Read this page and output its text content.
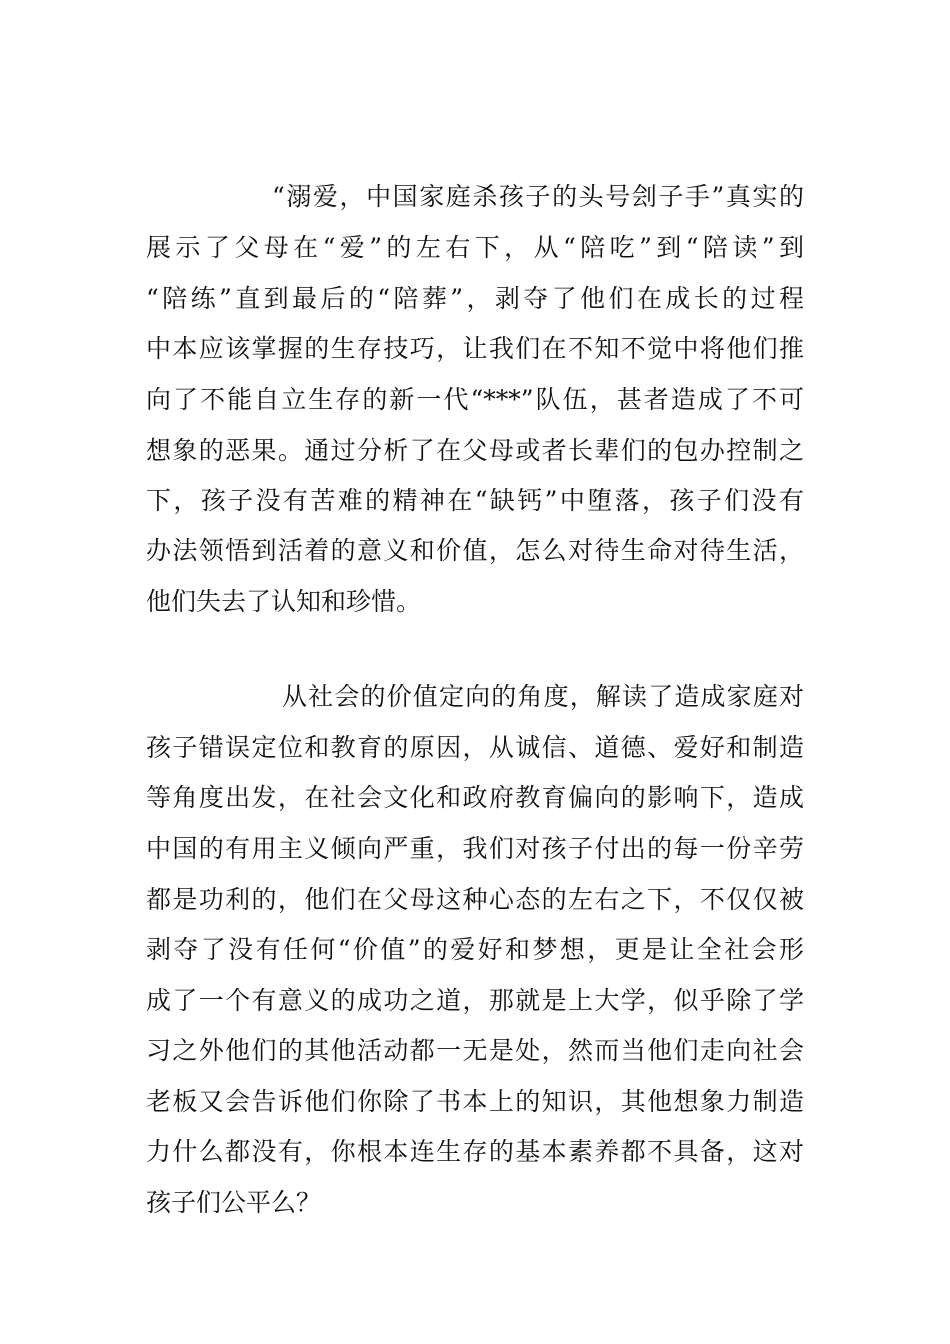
“溺爱，中国家庭杀孩子的头号刽子手”真实的
展示了父母在“爱”的左右下，从“陪吃”到“陪读”到
“陪练”直到最后的“陪葬”，剥夺了他们在成长的过程
中本应该掌握的生存技巧，让我们在不知不觉中将他们推
向了不能自立生存的新一代“***”队伍，甚者造成了不可
想象的恶果。通过分析了在父母或者长辈们的包办控制之
下，孩子没有苦难的精神在“缺钙”中堕落，孩子们没有
办法领悟到活着的意义和价值，怎么对待生命对待生活，
他们失去了认知和珍惜。
从社会的价值定向的角度，解读了造成家庭对
孩子错误定位和教育的原因，从诚信、道德、爱好和制造
等角度出发，在社会文化和政府教育偏向的影响下，造成
中国的有用主义倾向严重，我们对孩子付出的每一份辛劳
都是功利的，他们在父母这种心态的左右之下，不仅仅被
剥夺了没有任何“价值”的爱好和梦想，更是让全社会形
成了一个有意义的成功之道，那就是上大学，似乎除了学
习之外他们的其他活动都一无是处，然而当他们走向社会
老板又会告诉他们你除了书本上的知识，其他想象力制造
力什么都没有，你根本连生存的基本素养都不具备，这对
孩子们公平么？
